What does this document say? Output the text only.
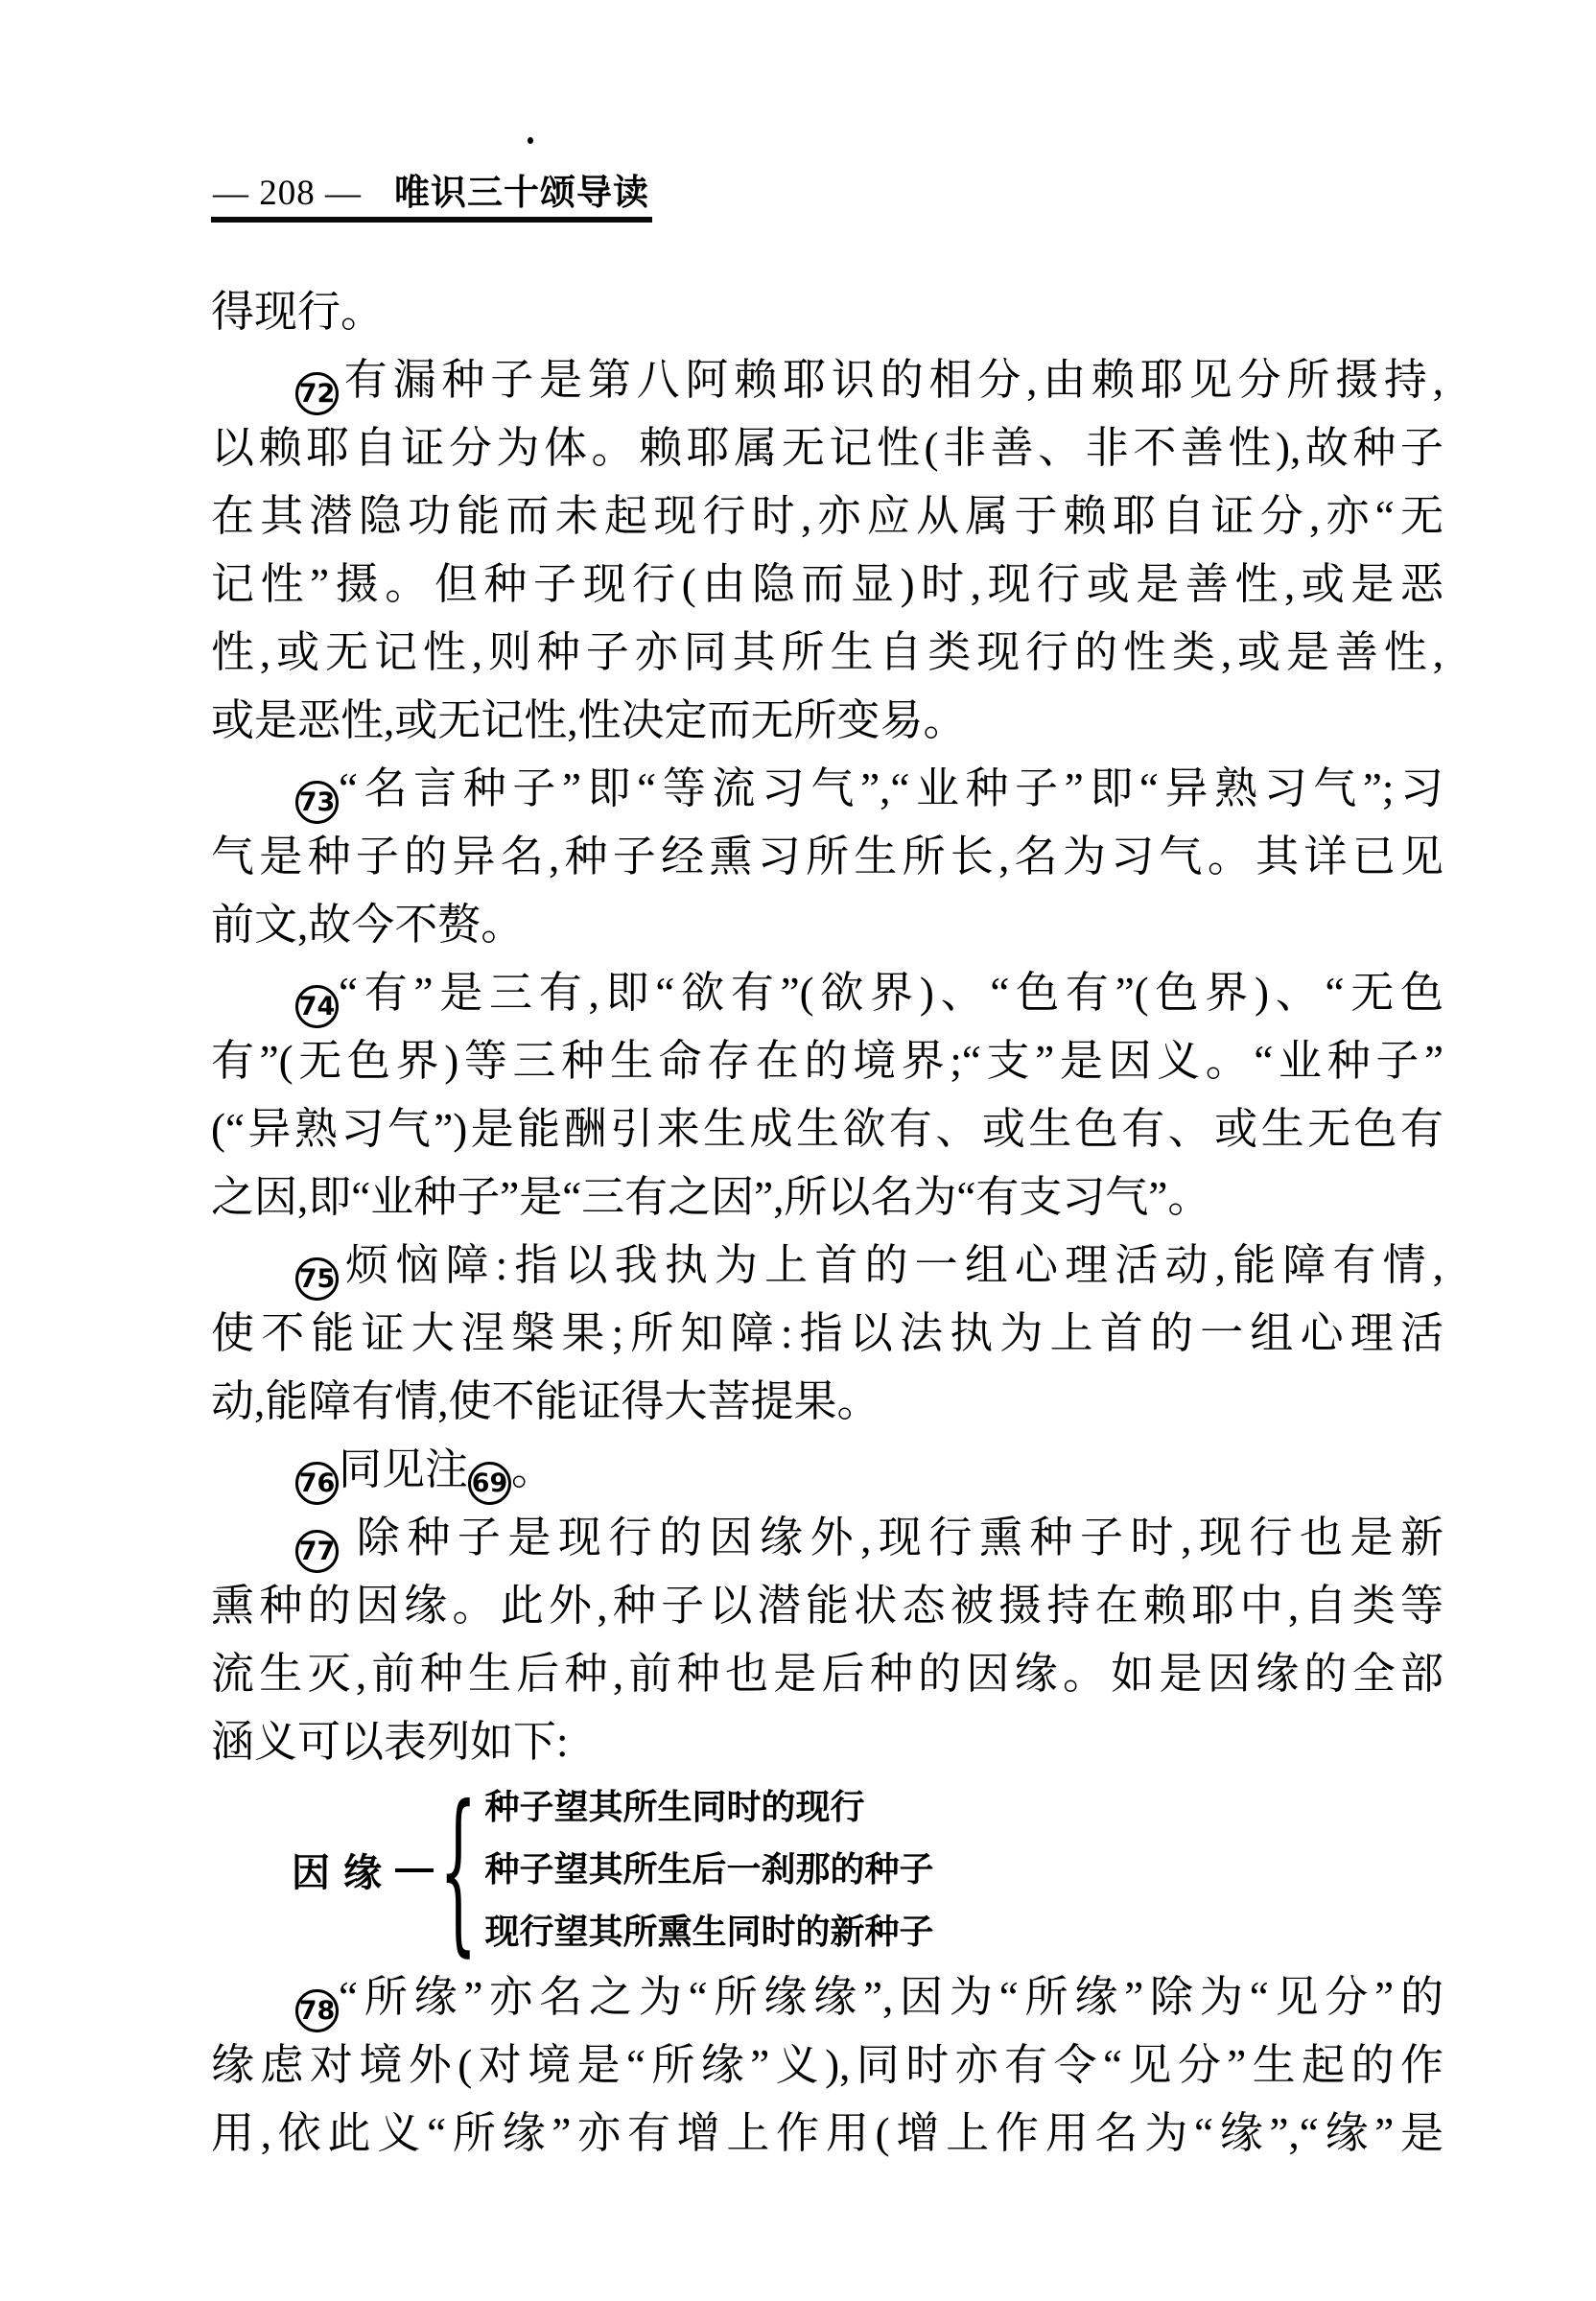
— 208 — 唯识三十颂导读
得现行。
72有漏种子是第八阿赖耶识的相分,由赖耶见分所摄持,
以赖耶自证分为体。赖耶属无记性(非善、非不善性),故种子
在其潜隐功能而未起现行时,亦应从属于赖耶自证分,亦“无
记性”摄。但种子现行(由隐而显)时,现行或是善性,或是恶
性,或无记性,则种子亦同其所生自类现行的性类,或是善性,
或是恶性,或无记性,性决定而无所变易。
73“名言种子”即“等流习气”,“业种子”即“异熟习气”;习
气是种子的异名,种子经熏习所生所长,名为习气。其详已见
前文,故今不赘。
74“有”是三有,即“欲有”(欲界)、“色有”(色界)、“无色
有”(无色界)等三种生命存在的境界;“支”是因义。“业种子”
(“异熟习气”)是能酬引来生成生欲有、或生色有、或生无色有
之因,即“业种子”是“三有之因”,所以名为“有支习气”。
75烦恼障:指以我执为上首的一组心理活动,能障有情,
使不能证大涅槃果;所知障:指以法执为上首的一组心理活
动,能障有情,使不能证得大菩提果。
76同见注 69。
77 除种子是现行的因缘外,现行熏种子时,现行也是新
熏种的因缘。此外,种子以潜能状态被摄持在赖耶中,自类等
流生灭,前种生后种,前种也是后种的因缘。如是因缘的全部
涵义可以表列如下:
因缘 { 种子望其所生同时的现行
种子望其所生后一刹那的种子
现行望其所熏生同时的新种子
78“所缘”亦名之为“所缘缘”,因为“所缘”除为“见分”的
缘虑对境外(对境是“所缘”义),同时亦有令“见分”生起的作
用,依此义“所缘”亦有增上作用(增上作用名为“缘”,“缘”是
